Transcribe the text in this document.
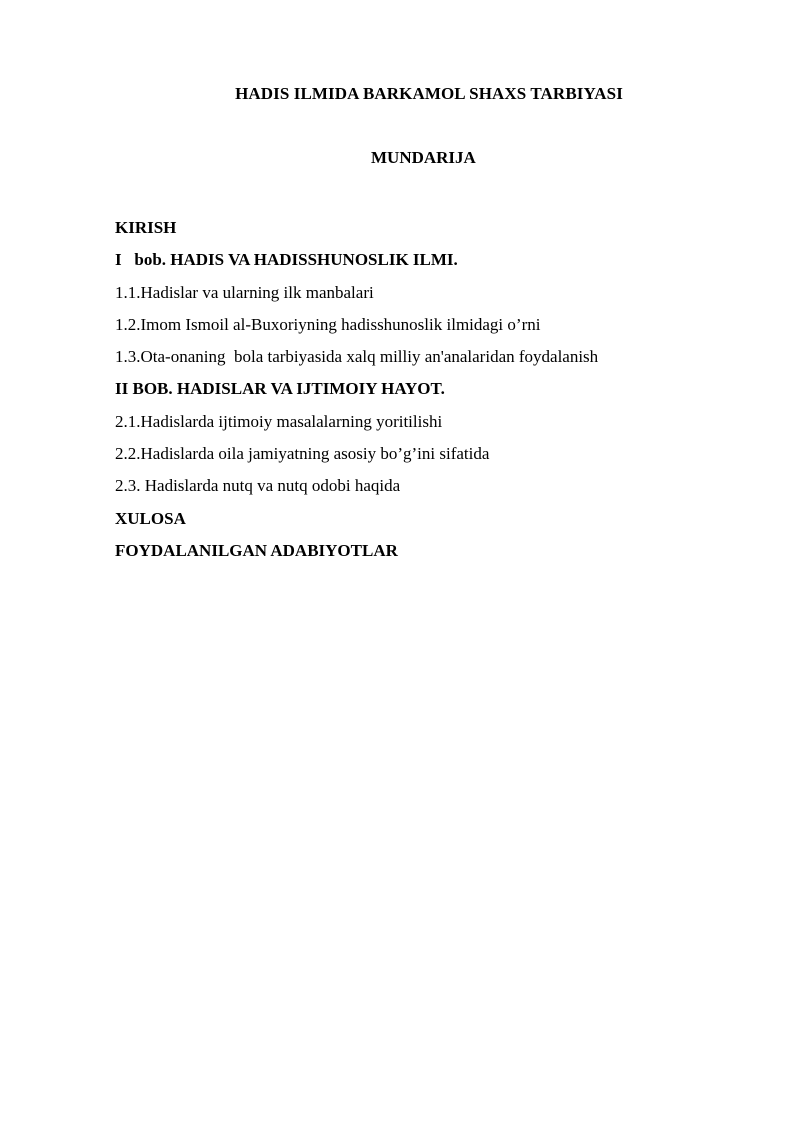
HADIS ILMIDA BARKAMOL SHAXS TARBIYASI
MUNDARIJA
KIRISH
I   bob. HADIS VA HADISSHUNOSLIK ILMI.
1.1.Hadislar va ularning ilk manbalari
1.2.Imom Ismoil al-Buxoriyning hadisshunoslik ilmidagi o’rni
1.3.Ota-onaning  bola tarbiyasida xalq milliy an'analaridan foydalanish
II BOB. HADISLAR VA IJTIMOIY HAYOT.
2.1.Hadislarda ijtimoiy masalalarning yoritilishi
2.2.Hadislarda oila jamiyatning asosiy bo’g’ini sifatida
2.3. Hadislarda nutq va nutq odobi haqida
XULOSA
FOYDALANILGAN ADABIYOTLAR
